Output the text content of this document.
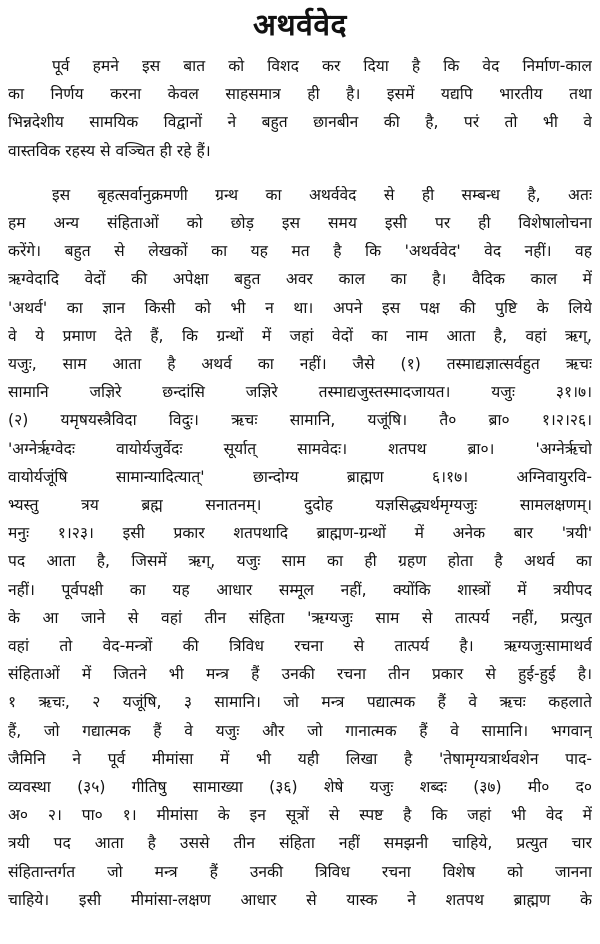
अथर्ववेद
पूर्व हमने इस बात को विशद कर दिया है कि वेद निर्माण-काल
का निर्णय करना केवल साहसमात्र ही है। इसमें यद्यपि भारतीय तथा
भिन्नदेशीय सामयिक विद्वानों ने बहुत छानबीन की है, परं तो भी वे
वास्तविक रहस्य से वञ्चित ही रहे हैं।
इस बृहत्सर्वानुक्रमणी ग्रन्थ का अथर्ववेद से ही सम्बन्ध है, अतः
हम अन्य संहिताओं को छोड़ इस समय इसी पर ही विशेषालोचना
करेंगे। बहुत से लेखकों का यह मत है कि 'अथर्ववेद' वेद नहीं। वह
ऋग्वेदादि वेदों की अपेक्षा बहुत अवर काल का है। वैदिक काल में
'अथर्व' का ज्ञान किसी को भी न था। अपने इस पक्ष की पुष्टि के लिये
वे ये प्रमाण देते हैं, कि ग्रन्थों में जहां वेदों का नाम आता है, वहां ऋग्,
यजुः, साम आता है अथर्व का नहीं। जैसे (१) तस्माद्यज्ञात्सर्वहुत ऋचः
सामानि जज्ञिरे छन्दांसि जज्ञिरे तस्माद्यजुस्तस्मादजायत। यजुः ३१।७।
(२) यमृषयस्त्रैविदा विदुः। ऋचः सामानि, यजूंषि। तै० ब्रा० १।२।२६।
'अग्नेर्ऋग्वेदः वायोर्यजुर्वेदः सूर्यात् सामवेदः। शतपथ ब्रा०। 'अग्नेर्ऋचो
वायोर्यजूंषि सामान्यादित्यात्' छान्दोग्य ब्राह्मण ६।१७। अग्निवायुरवि-
भ्यस्तु त्रय ब्रह्म सनातनम्। दुदोह यज्ञसिद्ध्यर्थमृग्यजुः सामलक्षणम्।
मनुः १।२३। इसी प्रकार शतपथादि ब्राह्मण-ग्रन्थों में अनेक बार 'त्रयी'
पद आता है, जिसमें ऋग्, यजुः साम का ही ग्रहण होता है अथर्व का
नहीं। पूर्वपक्षी का यह आधार सम्मूल नहीं, क्योंकि शास्त्रों में त्रयीपद
के आ जाने से वहां तीन संहिता 'ऋग्यजुः साम से तात्पर्य नहीं, प्रत्युत
वहां तो वेद-मन्त्रों की त्रिविध रचना से तात्पर्य है। ऋग्यजुःसामाथर्व
संहिताओं में जितने भी मन्त्र हैं उनकी रचना तीन प्रकार से हुई-हुई है।
१ ऋचः, २ यजूंषि, ३ सामानि। जो मन्त्र पद्यात्मक हैं वे ऋचः कहलाते
हैं, जो गद्यात्मक हैं वे यजुः और जो गानात्मक हैं वे सामानि। भगवान्
जैमिनि ने पूर्व मीमांसा में भी यही लिखा है 'तेषामृग्यत्रार्थवशेन पाद-
व्यवस्था (३५) गीतिषु सामाख्या (३६) शेषे यजुः शब्दः (३७) मी० द०
अ० २। पा० १। मीमांसा के इन सूत्रों से स्पष्ट है कि जहां भी वेद में
त्रयी पद आता है उससे तीन संहिता नहीं समझनी चाहिये, प्रत्युत चार
संहितान्तर्गत जो मन्त्र हैं उनकी त्रिविध रचना विशेष को जानना
चाहिये। इसी मीमांसा-लक्षण आधार से यास्क ने शतपथ ब्राह्मण के
